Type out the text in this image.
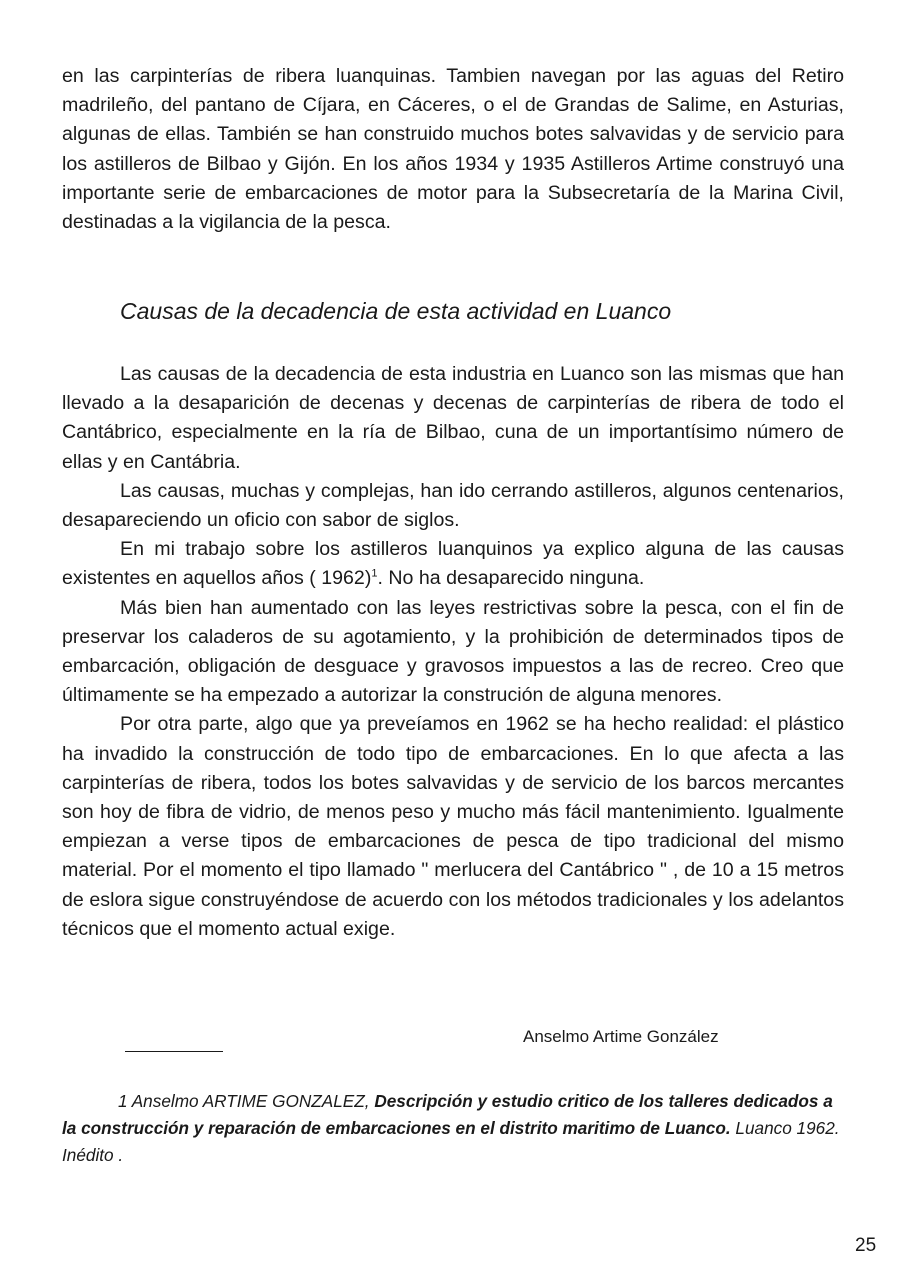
en las carpinterías de ribera luanquinas. Tambien navegan por las aguas del Retiro madrileño, del pantano de Cíjara, en Cáceres, o el de Grandas de Salime, en Asturias, algunas de ellas. También se han construido muchos botes salvavidas y de servicio para los astilleros de Bilbao y Gijón. En los años 1934 y 1935 Astilleros Artime construyó una importante serie de embarcaciones de motor para la Subsecretaría de la Marina Civil, destinadas a la vigilancia de la pesca.

Causas de la decadencia de esta actividad en Luanco

Las causas de la decadencia de esta industria en Luanco son las mismas que han llevado a la desaparición de decenas y decenas de carpinterías de ribera de todo el Cantábrico, especialmente en la ría de Bilbao, cuna de un importantísimo número de ellas y en Cantábria.

Las causas, muchas y complejas, han ido cerrando astilleros, algunos centenarios, desapareciendo un oficio con sabor de siglos.

En mi trabajo sobre los astilleros luanquinos ya explico alguna de las causas existentes en aquellos años ( 1962)$^1$. No ha desaparecido ninguna.

Más bien han aumentado con las leyes restrictivas sobre la pesca, con el fin de preservar los caladeros de su agotamiento, y la prohibición de determinados tipos de embarcación, obligación de desguace y gravosos impuestos a las de recreo. Creo que últimamente se ha empezado a autorizar la construción de alguna menores.

Por otra parte, algo que ya preveíamos en 1962 se ha hecho realidad: el plástico ha invadido la construcción de todo tipo de embarcaciones. En lo que afecta a las carpinterías de ribera, todos los botes salvavidas y de servicio de los barcos mercantes son hoy de fibra de vidrio, de menos peso y mucho más fácil mantenimiento. Igualmente empiezan a verse tipos de embarcaciones de pesca de tipo tradicional del mismo material. Por el momento el tipo llamado " merlucera del Cantábrico " , de 10 a 15 metros de eslora sigue construyéndose de acuerdo con los métodos tradicionales y los adelantos técnicos que el momento actual exige.

Anselmo Artime González

1 Anselmo ARTIME GONZALEZ, Descripción y estudio critico de los talleres dedicados a la construcción y reparación de embarcaciones en el distrito maritimo de Luanco. Luanco 1962. Inédito .

25
